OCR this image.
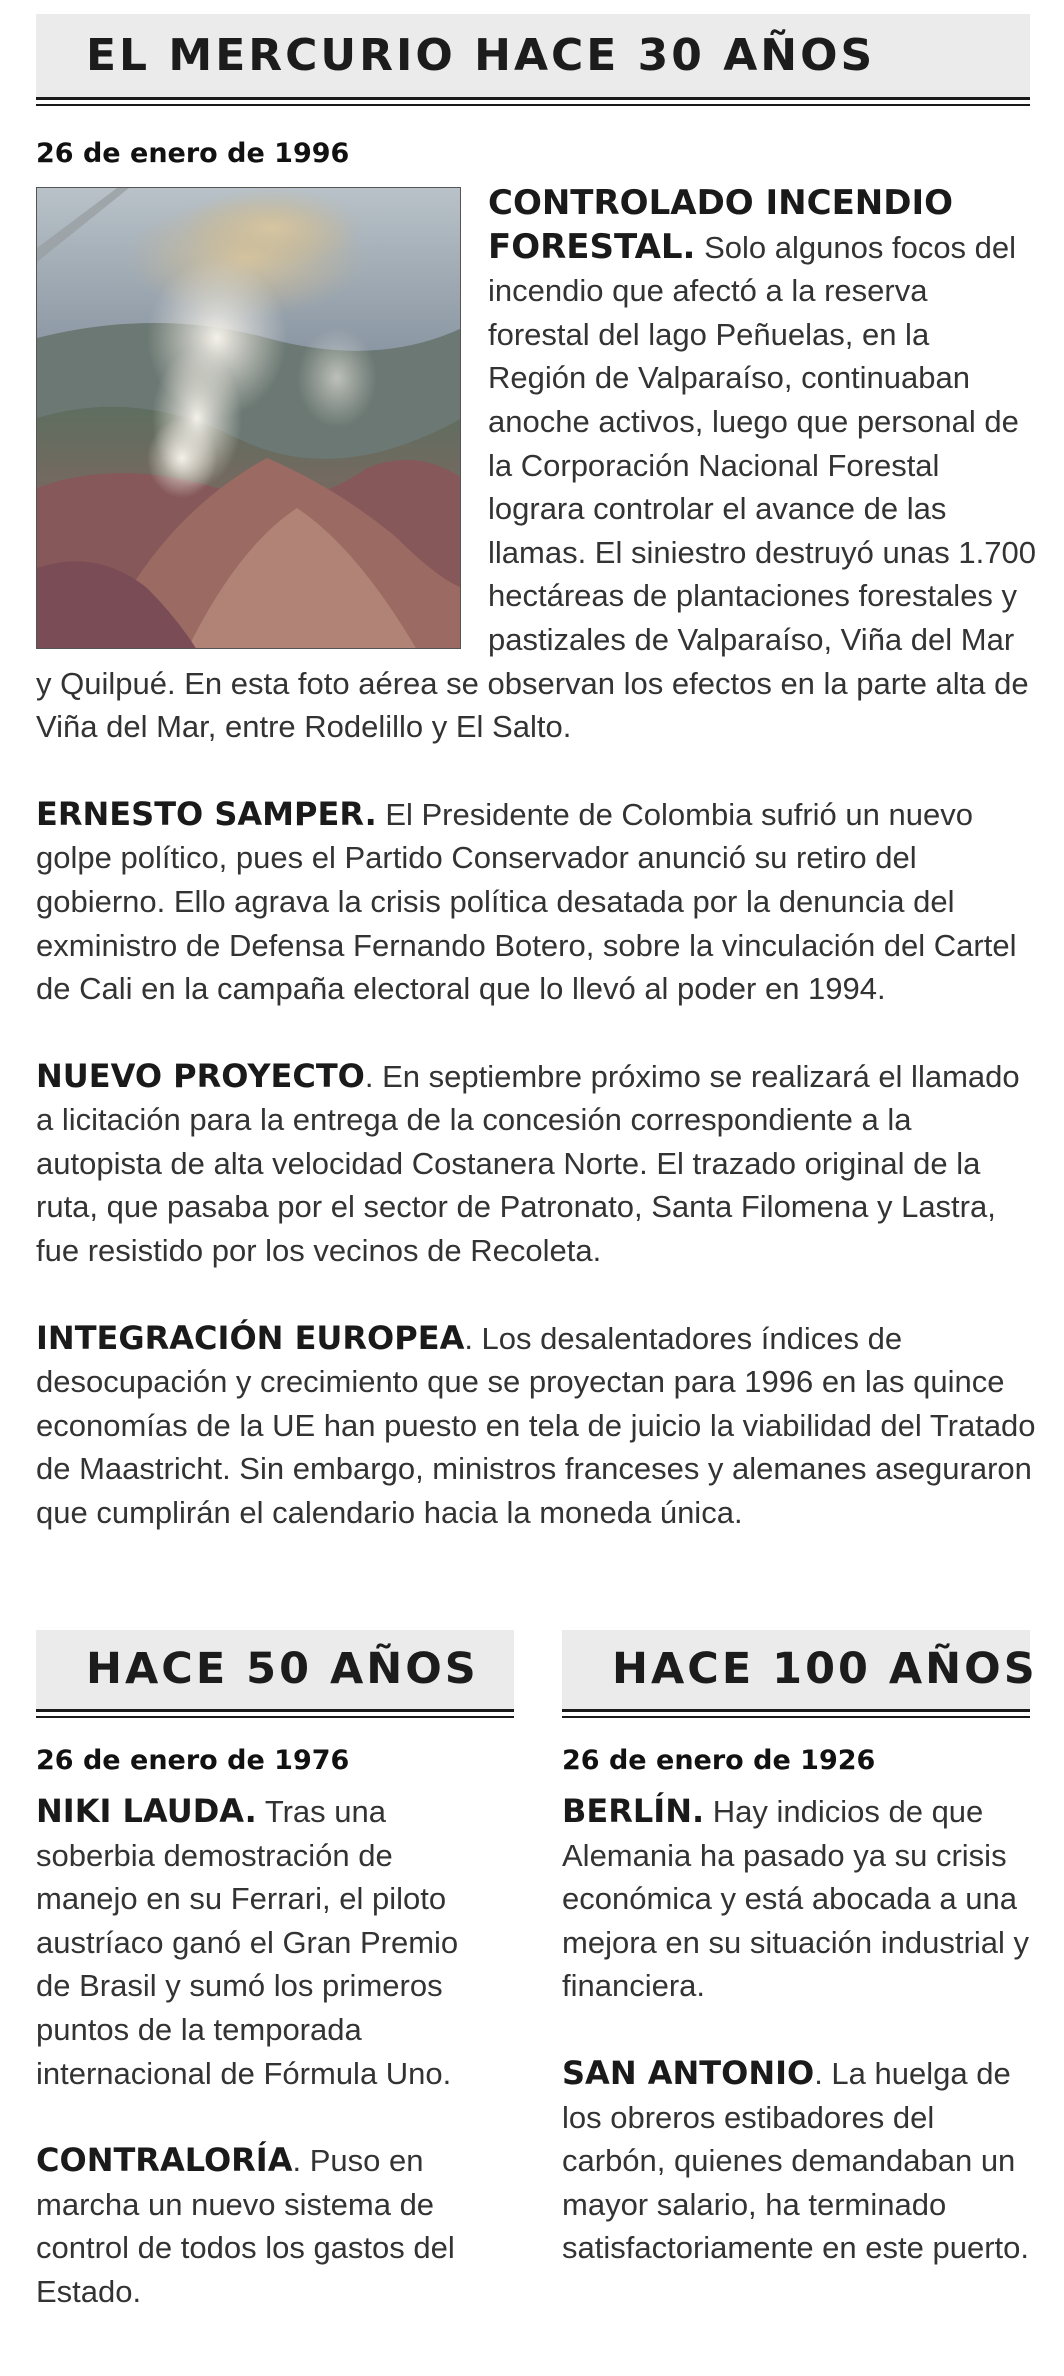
EL MERCURIO HACE 30 AÑOS
26 de enero de 1996

CONTROLADO INCENDIO FORESTAL. Solo algunos focos del incendio que afectó a la reserva forestal del lago Peñuelas, en la Región de Valparaíso, continuaban anoche activos, luego que personal de la Corporación Nacional Forestal lograra controlar el avance de las llamas. El siniestro destruyó unas 1.700 hectáreas de plantaciones forestales y pastizales de Valparaíso, Viña del Mar y Quilpué. En esta foto aérea se observan los efectos en la parte alta de Viña del Mar, entre Rodelillo y El Salto.

ERNESTO SAMPER. El Presidente de Colombia sufrió un nuevo golpe político, pues el Partido Conservador anunció su retiro del gobierno. Ello agrava la crisis política desatada por la denuncia del exministro de Defensa Fernando Botero, sobre la vinculación del Cartel de Cali en la campaña electoral que lo llevó al poder en 1994.

NUEVO PROYECTO. En septiembre próximo se realizará el llamado a licitación para la entrega de la concesión correspondiente a la autopista de alta velocidad Costanera Norte. El trazado original de la ruta, que pasaba por el sector de Patronato, Santa Filomena y Lastra, fue resistido por los vecinos de Recoleta.

INTEGRACIÓN EUROPEA. Los desalentadores índices de desocupación y crecimiento que se proyectan para 1996 en las quince economías de la UE han puesto en tela de juicio la viabilidad del Tratado de Maastricht. Sin embargo, ministros franceses y alemanes aseguraron que cumplirán el calendario hacia la moneda única.

HACE 50 AÑOS
26 de enero de 1976

NIKI LAUDA. Tras una soberbia demostración de manejo en su Ferrari, el piloto austríaco ganó el Gran Premio de Brasil y sumó los primeros puntos de la temporada internacional de Fórmula Uno.

CONTRALORÍA. Puso en marcha un nuevo sistema de control de todos los gastos del Estado.

HACE 100 AÑOS
26 de enero de 1926

BERLÍN. Hay indicios de que Alemania ha pasado ya su crisis económica y está abocada a una mejora en su situación industrial y financiera.

SAN ANTONIO. La huelga de los obreros estibadores del carbón, quienes demandaban un mayor salario, ha terminado satisfactoriamente en este puerto.
